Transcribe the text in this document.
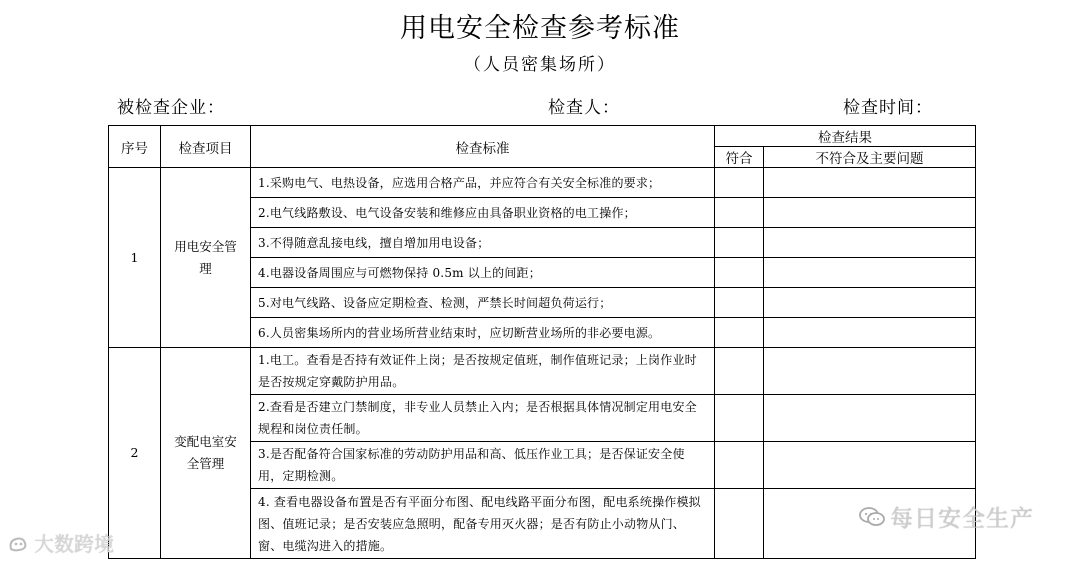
用电安全检查参考标准
（人员密集场所）
被检查企业：	检查人：	检查时间：
序号	检查项目	检查标准	检查结果	
			符合	不符合及主要问题
1	用电安全管理	1.采购电气、电热设备，应选用合格产品，并应符合有关安全标准的要求；		
		2.电气线路敷设、电气设备安装和维修应由具备职业资格的电工操作；		
		3.不得随意乱接电线，擅自增加用电设备；		
		4.电器设备周围应与可燃物保持 0.5m 以上的间距；		
		5.对电气线路、设备应定期检查、检测，严禁长时间超负荷运行；		
		6.人员密集场所内的营业场所营业结束时，应切断营业场所的非必要电源。		
2	变配电室安全管理	1.电工。查看是否持有效证件上岗；是否按规定值班，制作值班记录；上岗作业时是否按规定穿戴防护用品。		
		2.查看是否建立门禁制度，非专业人员禁止入内；是否根据具体情况制定用电安全规程和岗位责任制。		
		3.是否配备符合国家标准的劳动防护用品和高、低压作业工具；是否保证安全使用，定期检测。		
		4. 查看电器设备布置是否有平面分布图、配电线路平面分布图，配电系统操作模拟图、值班记录；是否安装应急照明，配备专用灭火器；是否有防止小动物从门、窗、电缆沟进入的措施。		
大数跨境
每日安全生产
